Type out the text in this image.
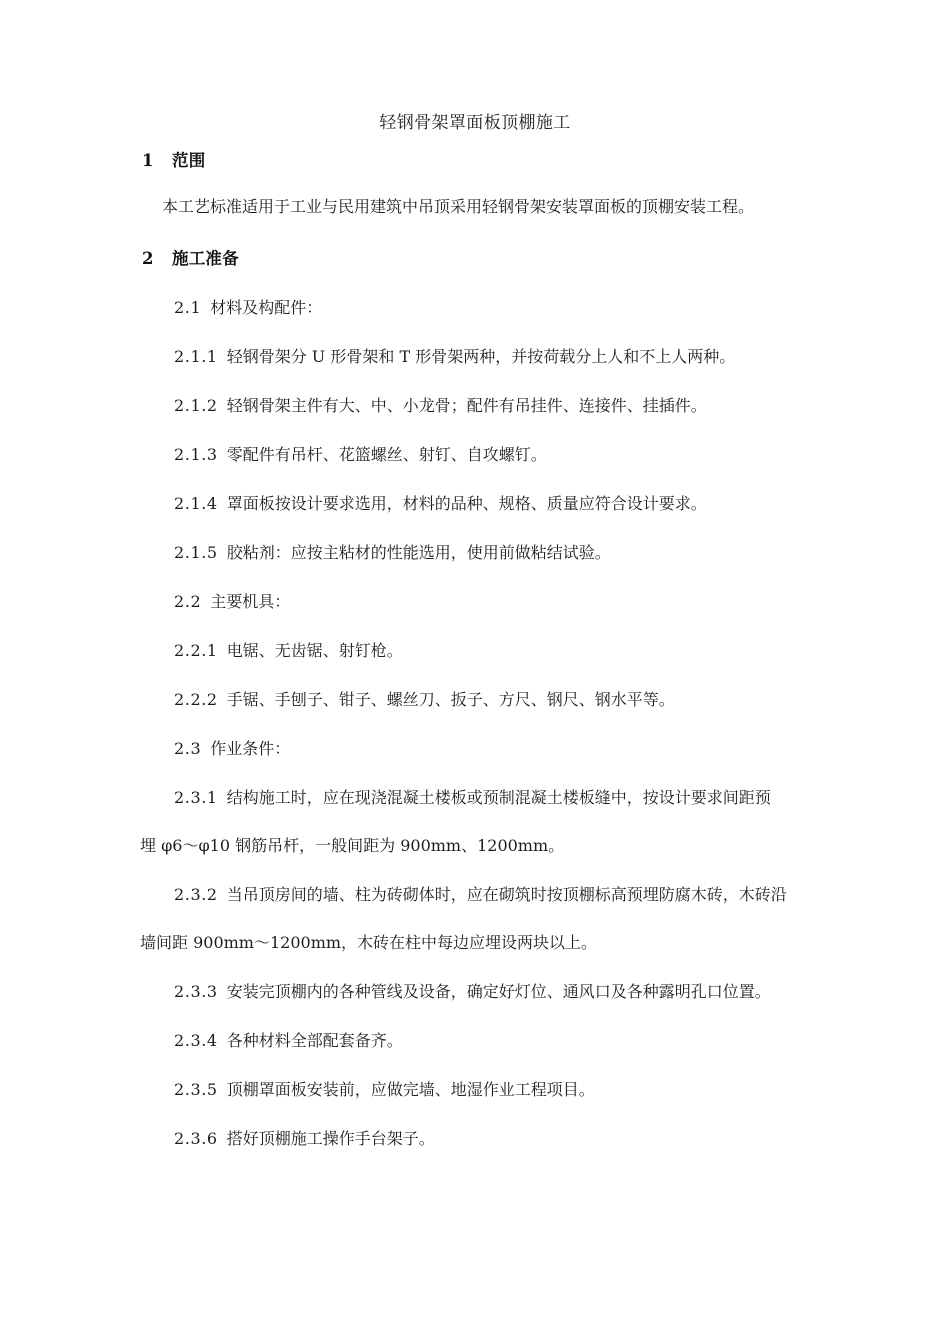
轻钢骨架罩面板顶棚施工

1 范围

本工艺标准适用于工业与民用建筑中吊顶采用轻钢骨架安装罩面板的顶棚安装工程。

2 施工准备

2.1 材料及构配件：

2.1.1 轻钢骨架分 U 形骨架和 T 形骨架两种，并按荷载分上人和不上人两种。

2.1.2 轻钢骨架主件有大、中、小龙骨；配件有吊挂件、连接件、挂插件。

2.1.3 零配件有吊杆、花篮螺丝、射钉、自攻螺钉。

2.1.4 罩面板按设计要求选用，材料的品种、规格、质量应符合设计要求。

2.1.5 胶粘剂：应按主粘材的性能选用，使用前做粘结试验。

2.2 主要机具：

2.2.1 电锯、无齿锯、射钉枪。

2.2.2 手锯、手刨子、钳子、螺丝刀、扳子、方尺、钢尺、钢水平等。

2.3 作业条件：

2.3.1 结构施工时，应在现浇混凝土楼板或预制混凝土楼板缝中，按设计要求间距预

埋 φ6～φ10 钢筋吊杆，一般间距为 900mm、1200mm。

2.3.2 当吊顶房间的墙、柱为砖砌体时，应在砌筑时按顶棚标高预埋防腐木砖，木砖沿

墙间距 900mm～1200mm，木砖在柱中每边应埋设两块以上。

2.3.3 安装完顶棚内的各种管线及设备，确定好灯位、通风口及各种露明孔口位置。

2.3.4 各种材料全部配套备齐。

2.3.5 顶棚罩面板安装前，应做完墙、地湿作业工程项目。

2.3.6 搭好顶棚施工操作手台架子。
